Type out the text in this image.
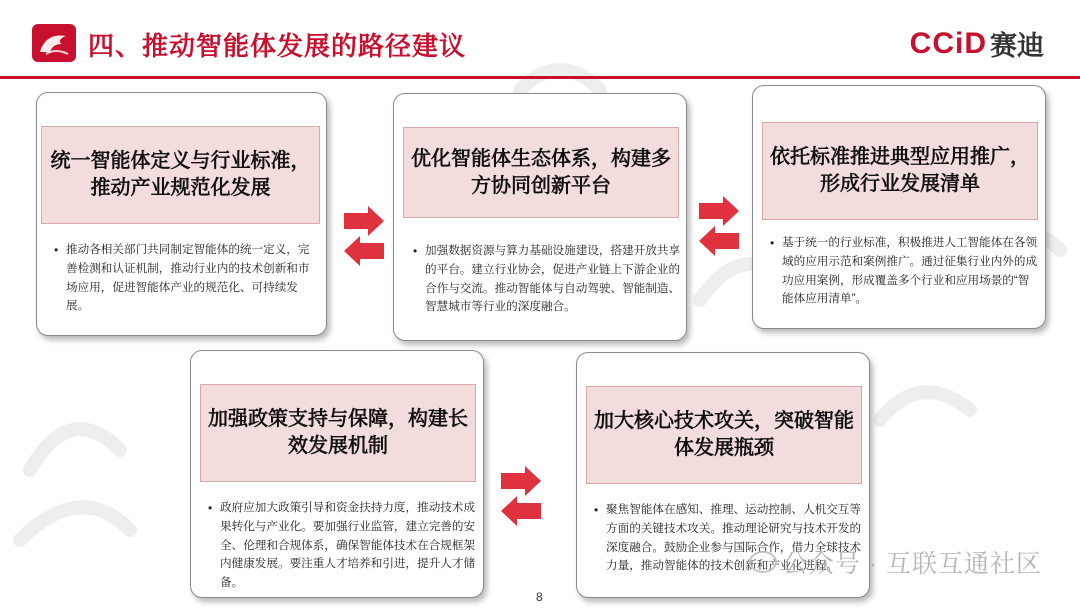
四、推动智能体发展的路径建议	CCiD 赛迪
统一智能体定义与行业标准，推动产业规范化发展
• 推动各相关部门共同制定智能体的统一定义，完善检测和认证机制，推动行业内的技术创新和市场应用，促进智能体产业的规范化、可持续发展。
优化智能体生态体系，构建多方协同创新平台
• 加强数据资源与算力基础设施建设，搭建开放共享的平台。建立行业协会，促进产业链上下游企业的合作与交流。推动智能体与自动驾驶、智能制造、智慧城市等行业的深度融合。
依托标准推进典型应用推广，形成行业发展清单
• 基于统一的行业标准，积极推进人工智能体在各领域的应用示范和案例推广。通过征集行业内外的成功应用案例，形成覆盖多个行业和应用场景的“智能体应用清单”。
加强政策支持与保障，构建长效发展机制
• 政府应加大政策引导和资金扶持力度，推动技术成果转化与产业化。要加强行业监管，建立完善的安全、伦理和合规体系，确保智能体技术在合规框架内健康发展。要注重人才培养和引进，提升人才储备。
加大核心技术攻关，突破智能体发展瓶颈
• 聚焦智能体在感知、推理、运动控制、人机交互等方面的关键技术攻关。推动理论研究与技术开发的深度融合。鼓励企业参与国际合作，借力全球技术力量，推动智能体的技术创新和产业化进程。
公众号 · 互联互通社区
8
